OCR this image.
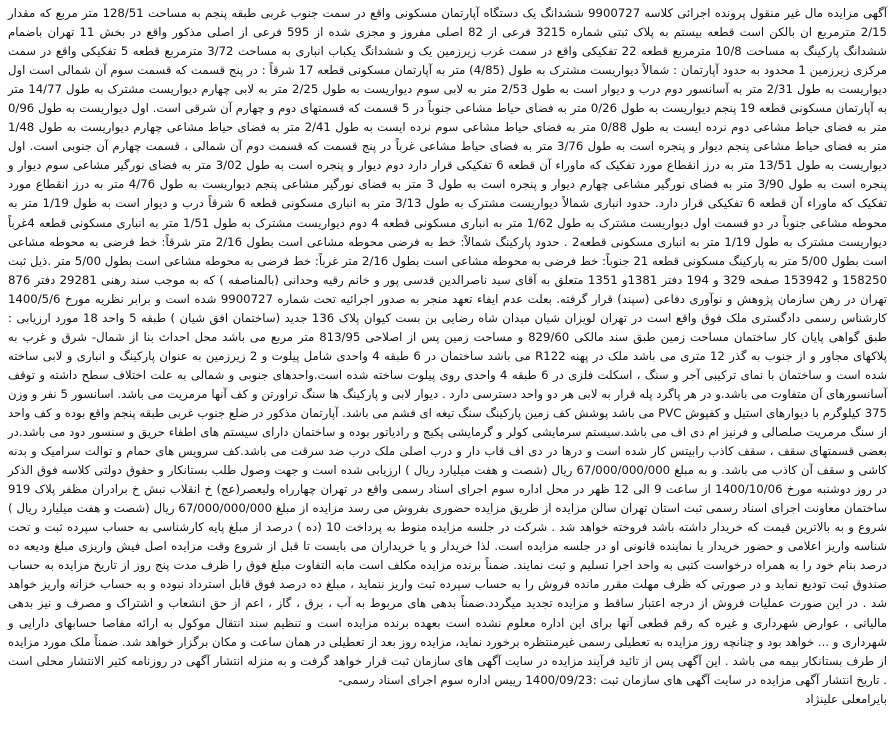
آگهی مزایده مال غیر منقول پرونده اجرائی کلاسه 9900727 ششدانگ یک دستگاه آپارتمان مسکونی واقع در سمت جنوب غربی طبقه پنجم به مساحت 128/51 متر مربع که مقدار 2/15 مترمربع ان بالکن است قطعه بیستم به پلاک ثبتی شماره 3215 فرعی از 82 اصلی مفروز و مجزی شده از 595 فرعی از اصلی مذکور واقع در بخش 11 تهران باضمام ششدانگ پارکینگ به مساحت 10/8 مترمربع قطعه 22 تفکیکی واقع در سمت غرب زیرزمین یک و ششدانگ یکباب انباری به مساحت 3/72 مترمربع قطعه 5 تفکیکی واقع در سمت مرکزی زیرزمین 1 محدود به حدود آپارتمان : شمالاً دیواریست مشترک به طول (4/85) متر به آپارتمان مسکونی قطعه 17 شرقاً : در پنج قسمت که قسمت سوم آن شمالی است اول دیواریست به طول 2/31 متر به آسانسور دوم درب و دیوار است به طول 2/53 متر به لابی سوم دیواریست به طول 2/25 متر به لابی چهارم دیواریست مشترک به طول 14/77 متر به آپارتمان مسکونی قطعه 19 پنجم دیواریست به طول 0/26 متر به فضای حیاط مشاعی جنوباً در 5 قسمت که قسمتهای دوم و چهارم آن شرقی است. اول دیواریست به طول 0/96 متر به فضای حیاط مشاعی دوم نرده ایست به طول 0/88 متر به فضای حیاط مشاعی سوم نرده ایست به طول 2/41 متر به فضای حیاط مشاعی چهارم دیواریست به طول 1/48 متر به فضای حیاط مشاعی پنجم دیوار و پنجره است به طول 3/76 متر به فضای حیاط مشاعی غرباً در پنج قسمت که قسمت دوم آن شمالی ، قسمت چهارم آن جنوبی است. اول دیواریست به طول 13/51 متر به درز انقطاع مورد تفکیک که ماوراء آن قطعه 6 تفکیکی قرار دارد دوم دیوار و پنجره است به طول 3/02 متر به فضای نورگیر مشاعی سوم دیوار و پنجره است به طول 3/90 متر به فضای نورگیر مشاعی چهارم دیوار و پنجره است به طول 3 متر به فضای نورگیر مشاعی پنجم دیواریست به طول 4/76 متر به درز انقطاع مورد تفکیک که ماوراء آن قطعه 6 تفکیکی قرار دارد. حدود انباری شمالاً دیواریست مشترک به طول 3/13 متر به انباری مسکونی قطعه 6 شرقاً درب و دیوار است به طول 1/19 متر به محوطه مشاعی جنوباً در دو قسمت اول دیواریست مشترک به طول 1/62 متر به انباری مسکونی قطعه 4 دوم دیواریست مشترک به طول 1/51 متر به انباری مسکونی قطعه 4غرباً دیواریست مشترک به طول 1/19 متر به انباری مسکونی قطعه2 . حدود پارکینگ شمالاً: خط به فرضی محوطه مشاعی است بطول 2/16 متر شرقاً: خط فرضی به محوطه مشاعی است بطول 5/00 متر به پارکینگ مسکونی قطعه 21 جنوباً: خط فرضی به محوطه مشاعی است بطول 2/16 متر غرباً: خط فرضی به محوطه مشاعی است بطول 5/00 متر .ذیل ثبت 158250 و 153942 صفحه 329 و 194 دفتر 1381و 1351 متعلق به آقای سید ناصرالدین قدسی پور و خانم رقیه وحدانی (بالمناصفه ) که به موجب سند رهنی 29281 دفتر 876 تهران در رهن سازمان پژوهش و نوآوری دفاعی (سپند) قرار گرفته. بعلت عدم ایفاء تعهد منجر به صدور اجرائیه تحت شماره 9900727 شده است و برابر نظریه مورخ 1400/5/6 کارشناس رسمی دادگستری ملک فوق واقع است در تهران لویزان شیان میدان شاه رضایی بن بست کیوان پلاک 136 جدید (ساختمان افق شیان ) طبقه 5 واحد 18 مورد ارزیابی : طبق گواهی پایان کار ساختمان مساحت زمین طبق سند مالکی 829/60 و مساحت زمین پس از اصلاحی 813/95 متر مربع می باشد محل احداث بنا از شمال- شرق و غرب به پلاکهای مجاور و از جنوب به گذر 12 متری می باشد ملک در پهنه R122 می باشد ساختمان در 6 طبقه 4 واحدی شامل پیلوت و 2 زیرزمین به عنوان پارکینگ و انباری و لابی ساخته شده است و ساختمان با نمای ترکیبی آجر و سنگ ، اسکلت فلزی در 6 طبقه 4 واحدی روی پیلوت ساخته شده است.واحدهای جنوبی و شمالی به علت اختلاف سطح داشته و توقف آسانسورهای آن متفاوت می باشد.و در هر پاگرد پله قرار به لابی هر دو واحد دسترسی دارد . دیوار لابی و پارکینگ ها سنگ تراورتن و کف آنها مرمریت می باشد. اسانسور 5 نفر و وزن 375 کیلوگرم با دیوارهای استیل و کفپوش PVC می باشد پوشش کف زمین پارکینگ سنگ تیغه ای فشم می باشد. آپارتمان مذکور در ضلع جنوب غربی طبقه پنجم واقع بوده و کف واحد از سنگ مرمریت صلصالی و فرنیز ام دی اف می باشد.سیستم سرمایشی کولر و گرمایشی پکیج و رادیاتور بوده و ساختمان دارای سیستم های اطفاء حریق و سنسور دود می باشد.در بعضی قسمتهای سقف ، سقف کاذب رابیتس کار شده است و درها در دی اف قاب دار و درب اصلی ملک درب ضد سرقت می باشد.کف سرویس های حمام و توالت سرامیک و بدنه کاشی و سقف آن کاذب می باشد. و به مبلغ 67/000/000/000 ریال (شصت و هفت میلیارد ریال ) ارزیابی شده است و جهت وصول طلب بستانکار و حقوق دولتی کلاسه فوق الذکر در روز دوشنبه مورخ 1400/10/06 از ساعت 9 الی 12 ظهر در محل اداره سوم اجرای اسناد رسمی واقع در تهران چهارراه ولیعصر(عج) خ انقلاب نبش خ برادران مظفر پلاک 919 ساختمان معاونت اجرای اسناد رسمی ثبت استان تهران سالن مزایده از طریق مزایده حضوری بفروش می رسد مزایده از مبلغ 67/000/000/000 ریال (شصت و هفت میلیارد ریال ) شروع و به بالاترین قیمت که خریدار داشته باشد فروخته خواهد شد . شرکت در جلسه مزایده منوط به پرداخت 10 (ده ) درصد از مبلغ پایه کارشناسی به حساب سپرده ثبت و تحت شناسه واریز اعلامی و حضور خریدار یا نماینده قانونی او در جلسه مزایده است. لذا خریدار و یا خریداران می بایست تا قبل از شروع وقت مزایده اصل فیش واریزی مبلغ ودیعه ده درصد بنام خود را به همراه درخواست کتبی به واحد اجرا تسلیم و ثبت نمایند. ضمناً برنده مزایده مکلف است مابه التفاوت مبلغ فوق را ظرف مدت پنج روز از تاریخ مزایده به حساب صندوق ثبت تودیع نماید و در صورتی که ظرف مهلت مقرر مانده فروش را به حساب سپرده ثبت واریز ننماید ، مبلغ ده درصد فوق قابل استرداد نبوده و به حساب خزانه واریز خواهد شد . در این صورت عملیات فروش از درجه اعتبار ساقط و مزایده تجدید میگردد.ضمناً بدهی های مربوط به آب ، برق ، گاز ، اعم از حق انشعاب و اشتراک و مصرف و نیز بدهی مالیاتی ، عوارض شهرداری و غیره که رقم قطعی آنها برای این اداره معلوم نشده است بعهده برنده مزایده است و تنظیم سند انتقال موکول به ارائه مفاصا حسابهای دارایی و شهرداری و ... خواهد بود و چنانچه روز مزایده به تعطیلی رسمی غیرمنتظره برخورد نماید، مزایده روز بعد از تعطیلی در همان ساعت و مکان برگزار خواهد شد. ضمناً ملک مورد مزایده از طرف بستانکار بیمه می باشد . این آگهی پس از تائید فرآیند مزایده در سایت آگهی های سازمان ثبت قرار خواهد گرفت و به منزله انتشار آگهی در روزنامه کثیر الانتشار محلی است . تاریخ انتشار آگهی مزایده در سایت آگهی های سازمان ثبت :1400/09/23 رییس اداره سوم اجرای اسناد رسمی-

بایرامعلی علینژاد
